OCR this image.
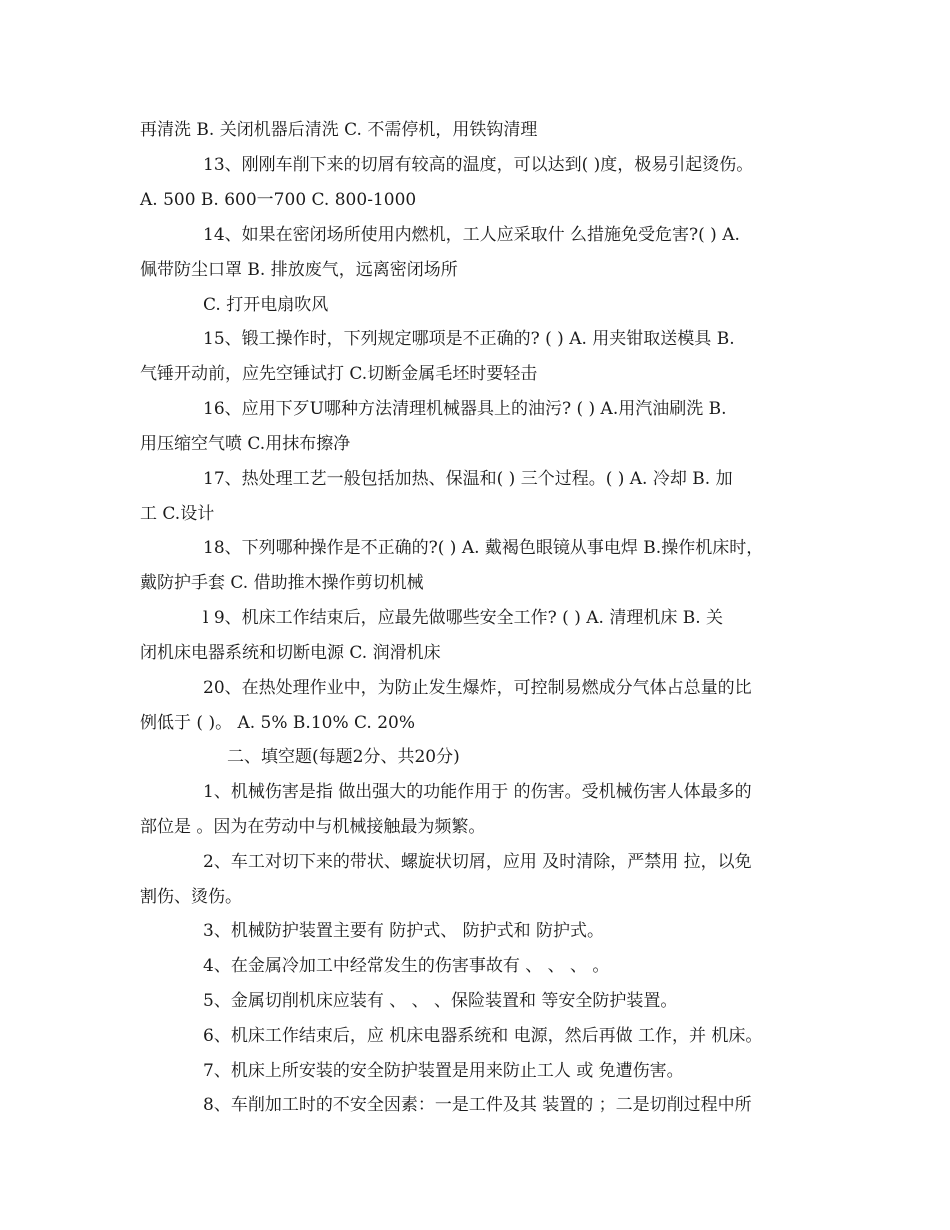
再清洗 B. 关闭机器后清洗 C. 不需停机，用铁钩清理
13、刚刚车削下来的切屑有较高的温度，可以达到( )度，极易引起烫伤。
A. 500 B. 600一700 C. 800-1000
14、如果在密闭场所使用内燃机，工人应采取什 么措施免受危害?( ) A.
佩带防尘口罩 B. 排放废气，远离密闭场所
C. 打开电扇吹风
15、锻工操作时，下列规定哪项是不正确的? ( ) A. 用夹钳取送模具 B.
气锤开动前，应先空锤试打 C.切断金属毛坯时要轻击
16、应用下歹U哪种方法清理机械器具上的油污? ( ) A.用汽油刷洗 B.
用压缩空气喷 C.用抹布擦净
17、热处理工艺一般包括加热、保温和( ) 三个过程。( ) A. 冷却 B. 加
工 C.设计
18、下列哪种操作是不正确的?( ) A. 戴褐色眼镜从事电焊 B.操作机床时，
戴防护手套 C. 借助推木操作剪切机械
l 9、机床工作结束后，应最先做哪些安全工作? ( ) A. 清理机床 B. 关
闭机床电器系统和切断电源 C. 润滑机床
20、在热处理作业中，为防止发生爆炸，可控制易燃成分气体占总量的比
例低于 ( )。 A. 5% B.10% C. 20%
二、填空题(每题2分、共20分)
1、机械伤害是指 做出强大的功能作用于 的伤害。受机械伤害人体最多的
部位是 。因为在劳动中与机械接触最为频繁。
2、车工对切下来的带状、螺旋状切屑，应用 及时清除，严禁用 拉，以免
割伤、烫伤。
3、机械防护装置主要有 防护式、 防护式和 防护式。
4、在金属冷加工中经常发生的伤害事故有 、 、 、 。
5、金属切削机床应装有 、 、 、保险装置和 等安全防护装置。
6、机床工作结束后，应 机床电器系统和 电源，然后再做 工作，并 机床。
7、机床上所安装的安全防护装置是用来防止工人 或 免遭伤害。
8、车削加工时的不安全因素：一是工件及其 装置的 ；二是切削过程中所
